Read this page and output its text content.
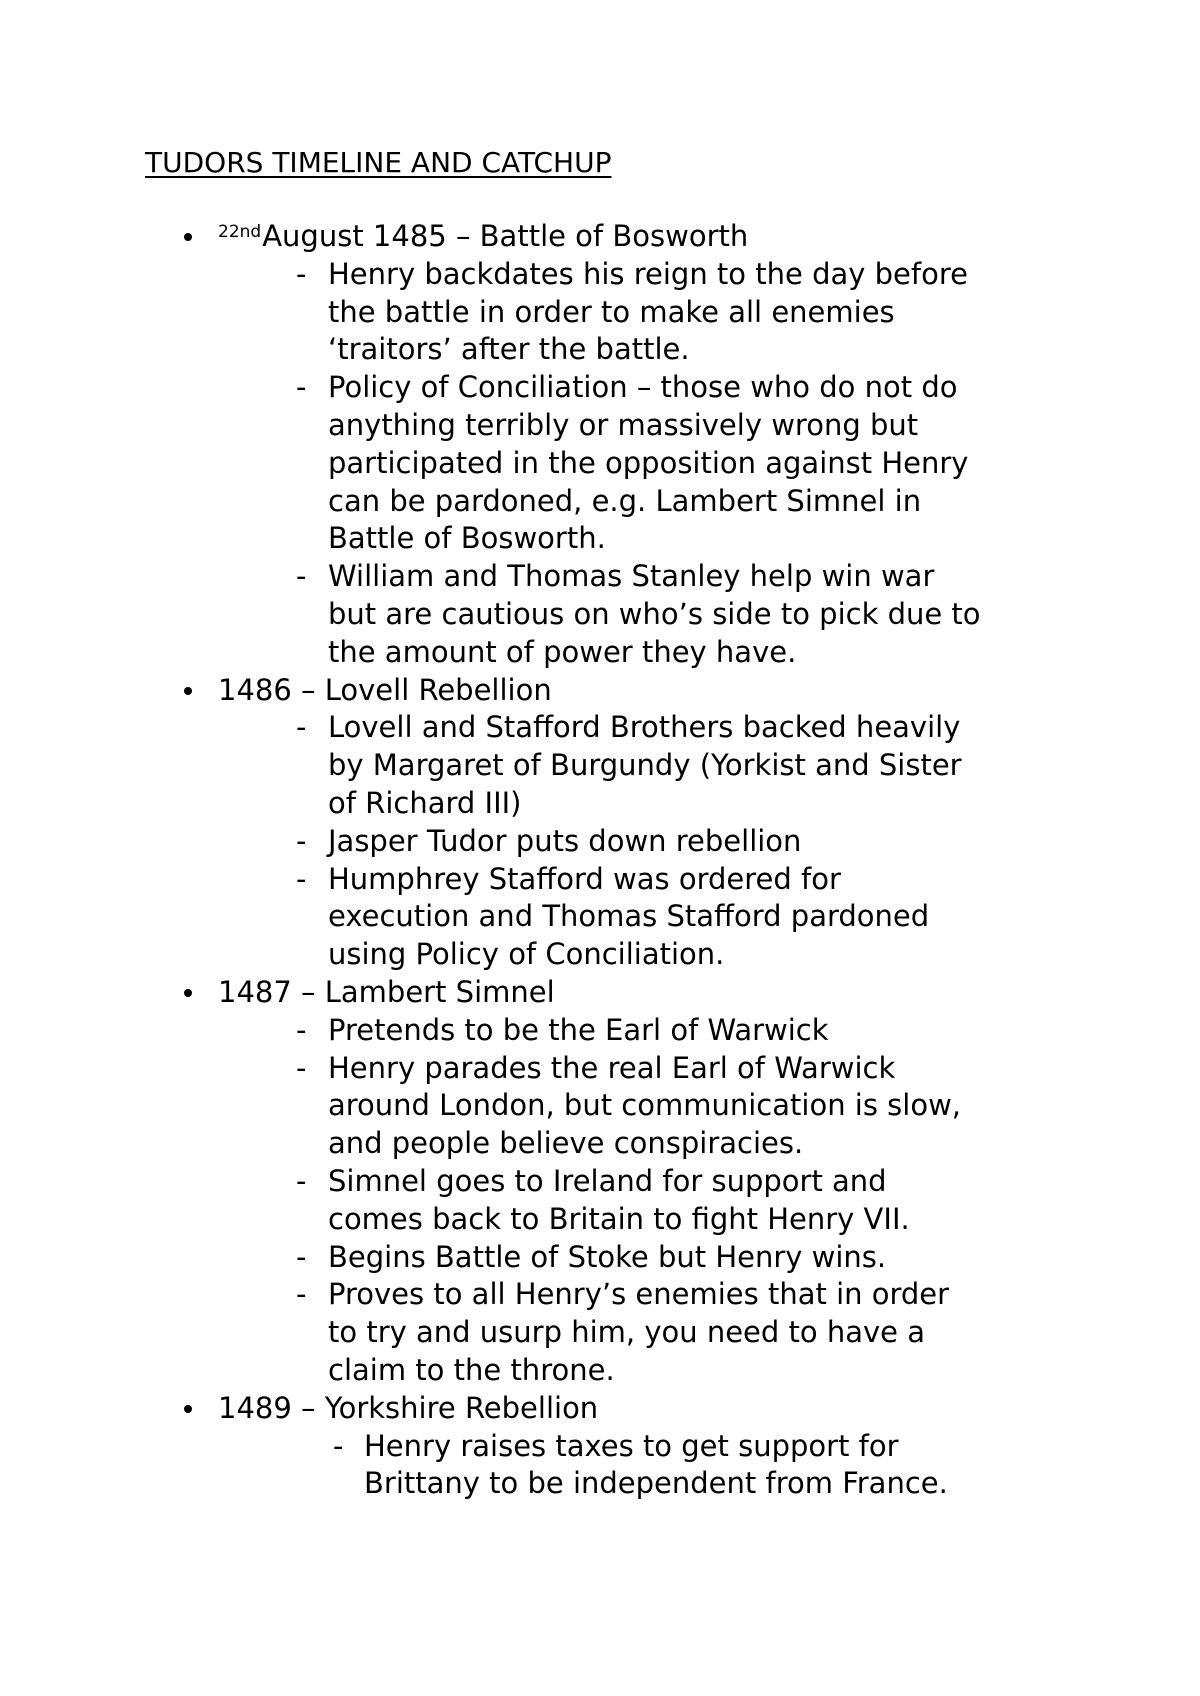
TUDORS TIMELINE AND CATCHUP
$^{22nd}$August 1485 – Battle of Bosworth
- Henry backdates his reign to the day before
the battle in order to make all enemies
‘traitors’ after the battle.
- Policy of Conciliation – those who do not do
anything terribly or massively wrong but
participated in the opposition against Henry
can be pardoned, e.g. Lambert Simnel in
Battle of Bosworth.
- William and Thomas Stanley help win war
but are cautious on who’s side to pick due to
the amount of power they have.
1486 – Lovell Rebellion
- Lovell and Stafford Brothers backed heavily
by Margaret of Burgundy (Yorkist and Sister
of Richard III)
- Jasper Tudor puts down rebellion
- Humphrey Stafford was ordered for
execution and Thomas Stafford pardoned
using Policy of Conciliation.
1487 – Lambert Simnel
- Pretends to be the Earl of Warwick
- Henry parades the real Earl of Warwick
around London, but communication is slow,
and people believe conspiracies.
- Simnel goes to Ireland for support and
comes back to Britain to fight Henry VII.
- Begins Battle of Stoke but Henry wins.
- Proves to all Henry’s enemies that in order
to try and usurp him, you need to have a
claim to the throne.
1489 – Yorkshire Rebellion
- Henry raises taxes to get support for
Brittany to be independent from France.
